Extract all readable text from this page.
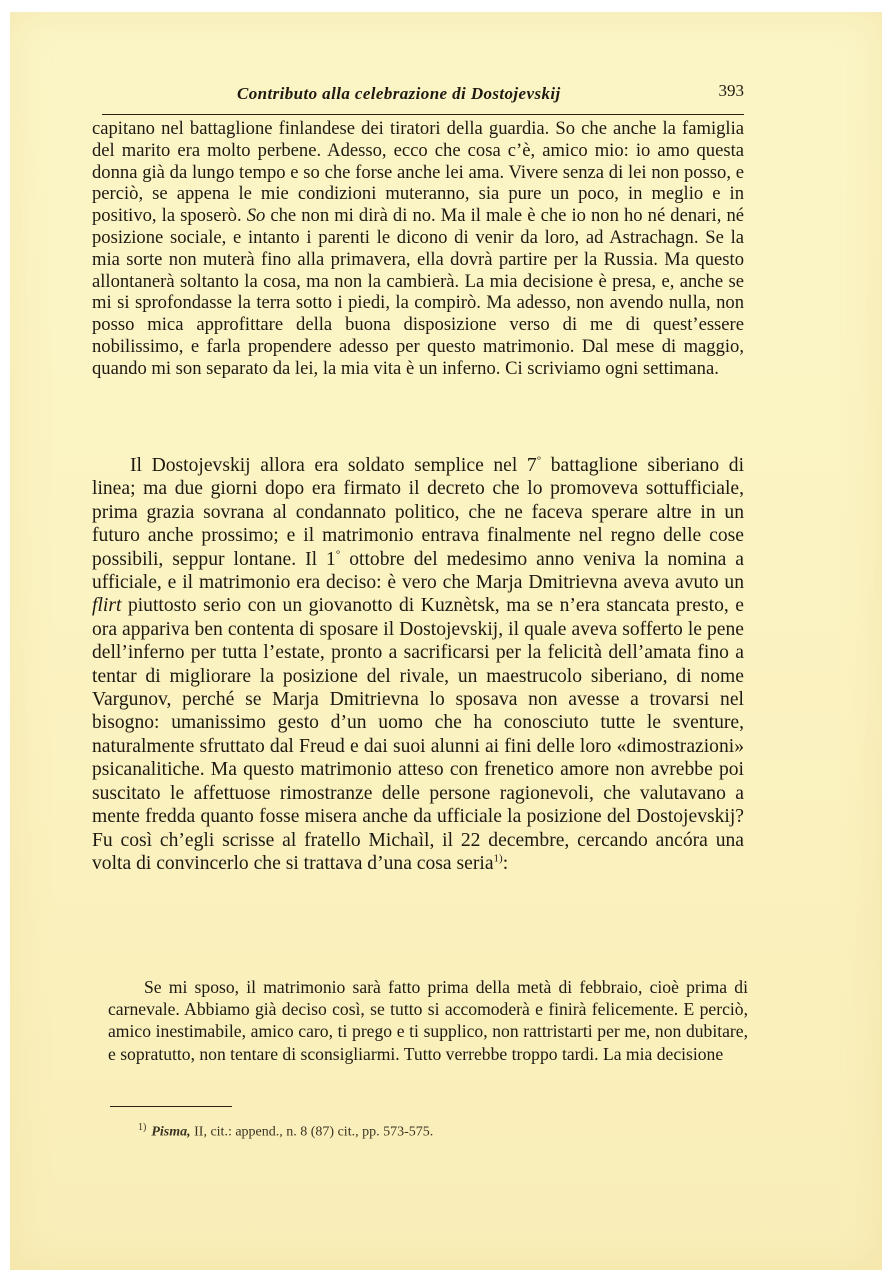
Contributo alla celebrazione di Dostojevskij	393

capitano nel battaglione finlandese dei tiratori della guardia. So che anche la famiglia del marito era molto perbene. Adesso, ecco che cosa c’è, amico mio: io amo questa donna già da lungo tempo e so che forse anche lei ama. Vivere senza di lei non posso, e perciò, se appena le mie condizioni muteranno, sia pure un poco, in meglio e in positivo, la sposerò. So che non mi dirà di no. Ma il male è che io non ho né denari, né posizione sociale, e intanto i parenti le dicono di venir da loro, ad Astrachagn. Se la mia sorte non muterà fino alla primavera, ella dovrà partire per la Russia. Ma questo allontanerà soltanto la cosa, ma non la cambierà. La mia decisione è presa, e, anche se mi si sprofondasse la terra sotto i piedi, la compirò. Ma adesso, non avendo nulla, non posso mica approfittare della buona disposizione verso di me di quest’essere nobilissimo, e farla propendere adesso per questo matrimonio. Dal mese di maggio, quando mi son separato da lei, la mia vita è un inferno. Ci scriviamo ogni settimana.

Il Dostojevskij allora era soldato semplice nel 7° battaglione siberiano di linea; ma due giorni dopo era firmato il decreto che lo promoveva sottufficiale, prima grazia sovrana al condannato politico, che ne faceva sperare altre in un futuro anche prossimo; e il matrimonio entrava finalmente nel regno delle cose possibili, seppur lontane. Il 1° ottobre del medesimo anno veniva la nomina a ufficiale, e il matrimonio era deciso: è vero che Marja Dmitrievna aveva avuto un flirt piuttosto serio con un giovanotto di Kuznètsk, ma se n’era stancata presto, e ora appariva ben contenta di sposare il Dostojevskij, il quale aveva sofferto le pene dell’inferno per tutta l’estate, pronto a sacrificarsi per la felicità dell’amata fino a tentar di migliorare la posizione del rivale, un maestrucolo siberiano, di nome Vargunov, perché se Marja Dmitrievna lo sposava non avesse a trovarsi nel bisogno: umanissimo gesto d’un uomo che ha conosciuto tutte le sventure, naturalmente sfruttato dal Freud e dai suoi alunni ai fini delle loro «dimostrazioni» psicanalitiche. Ma questo matrimonio atteso con frenetico amore non avrebbe poi suscitato le affettuose rimostranze delle persone ragionevoli, che valutavano a mente fredda quanto fosse misera anche da ufficiale la posizione del Dostojevskij? Fu così ch’egli scrisse al fratello Michaìl, il 22 decembre, cercando ancóra una volta di convincerlo che si trattava d’una cosa seria$^{1)}$:

Se mi sposo, il matrimonio sarà fatto prima della metà di febbraio, cioè prima di carnevale. Abbiamo già deciso così, se tutto si accomoderà e finirà felicemente. E perciò, amico inestimabile, amico caro, ti prego e ti supplico, non rattristarti per me, non dubitare, e sopratutto, non tentare di sconsigliarmi. Tutto verrebbe troppo tardi. La mia decisione

$^{1)}$ Pisma, II, cit.: append., n. 8 (87) cit., pp. 573-575.
